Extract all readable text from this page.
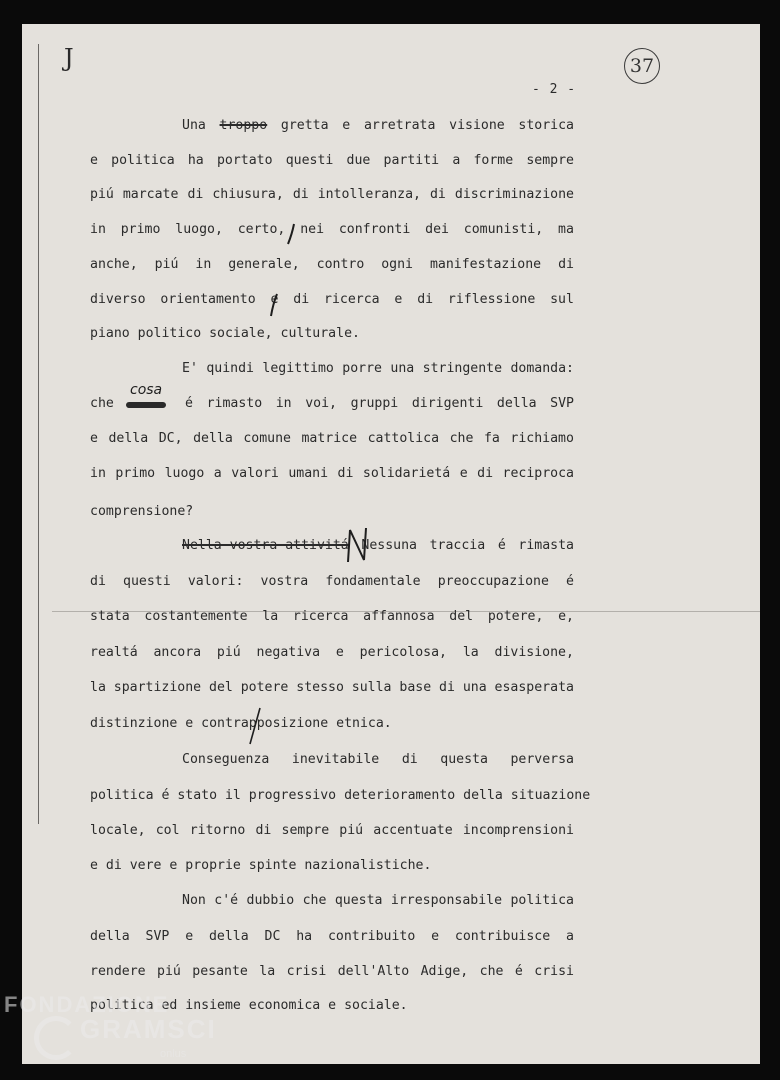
J
- 2 -
37
Una troppo gretta e arretrata visione storica
e politica ha portato questi due partiti a forme sempre
piú marcate di chiusura, di intolleranza, di discriminazione
in primo luogo, certo, nei confronti dei comunisti, ma
anche, piú in generale, contro ogni manifestazione di
diverso orientamento e di ricerca e di riflessione sul
piano politico sociale, culturale.
E' quindi legittimo porre una stringente domanda:
che	é rimasto in voi, gruppi dirigenti della SVP
cosa
e della DC, della comune matrice cattolica che fa richiamo
in primo luogo a valori umani di solidarietá e di reciproca
comprensione?
Nella vostra attivitá Nessuna traccia é rimasta
di questi valori: vostra fondamentale preoccupazione é
stata costantemente la ricerca affannosa del potere, e,
realtá ancora piú negativa e pericolosa, la divisione,
la spartizione del potere stesso sulla base di una esasperata
distinzione e contrapposizione etnica.
Conseguenza inevitabile di questa perversa
politica é stato il progressivo deterioramento della situazione
locale, col ritorno di sempre piú accentuate incomprensioni
e di vere e proprie spinte nazionalistiche.
Non c'é dubbio che questa irresponsabile politica
della SVP e della DC ha contribuito e contribuisce a
rendere piú pesante la crisi dell'Alto Adige, che é crisi
politica ed insieme economica e sociale.
FONDAZIONE
GRAMSCI
onlus
